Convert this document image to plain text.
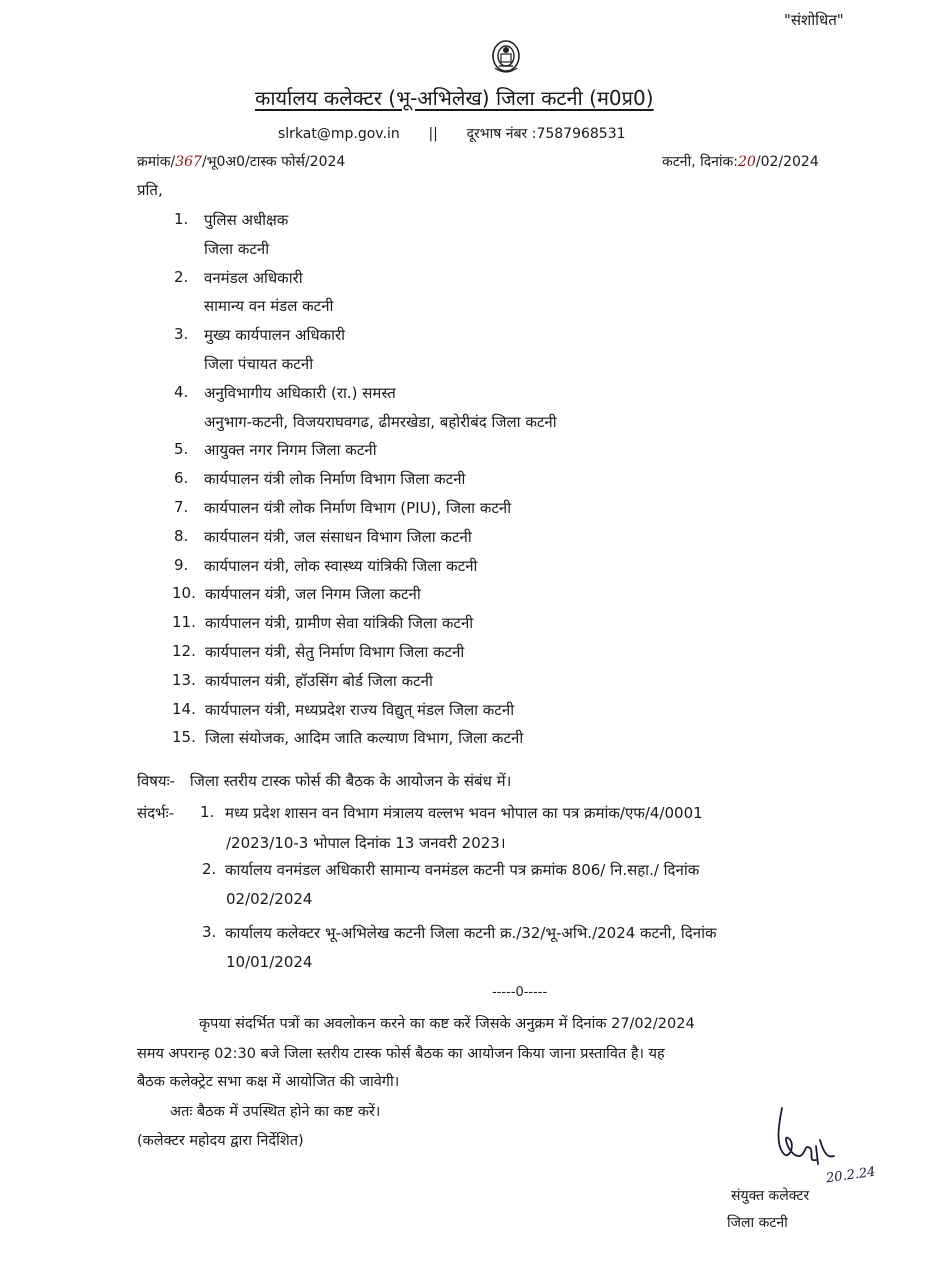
"संशोधित"
कार्यालय कलेक्टर (भू-अभिलेख) जिला कटनी (म0प्र0)
slrkat@mp.gov.in || दूरभाष नंबर :7587968531
क्रमांक/367/भू0अ0/टास्क फोर्स/2024	कटनी, दिनांक:20/02/2024
प्रति,
1. पुलिस अधीक्षक
जिला कटनी
2. वनमंडल अधिकारी
सामान्य वन मंडल कटनी
3. मुख्य कार्यपालन अधिकारी
जिला पंचायत कटनी
4. अनुविभागीय अधिकारी (रा.) समस्त
अनुभाग-कटनी, विजयराघवगढ, ढीमरखेडा, बहोरीबंद जिला कटनी
5. आयुक्त नगर निगम जिला कटनी
6. कार्यपालन यंत्री लोक निर्माण विभाग जिला कटनी
7. कार्यपालन यंत्री लोक निर्माण विभाग (PIU), जिला कटनी
8. कार्यपालन यंत्री, जल संसाधन विभाग जिला कटनी
9. कार्यपालन यंत्री, लोक स्वास्थ्य यांत्रिकी जिला कटनी
10. कार्यपालन यंत्री, जल निगम जिला कटनी
11. कार्यपालन यंत्री, ग्रामीण सेवा यांत्रिकी जिला कटनी
12. कार्यपालन यंत्री, सेतु निर्माण विभाग जिला कटनी
13. कार्यपालन यंत्री, हॉउसिंग बोर्ड जिला कटनी
14. कार्यपालन यंत्री, मध्यप्रदेश राज्य विद्युत् मंडल जिला कटनी
15. जिला संयोजक, आदिम जाति कल्याण विभाग, जिला कटनी
विषयः- जिला स्तरीय टास्क फोर्स की बैठक के आयोजन के संबंध में।
संदर्भः- 1. मध्य प्रदेश शासन वन विभाग मंत्रालय वल्लभ भवन भोपाल का पत्र क्रमांक/एफ/4/0001
/2023/10-3 भोपाल दिनांक 13 जनवरी 2023।
2. कार्यालय वनमंडल अधिकारी सामान्य वनमंडल कटनी पत्र क्रमांक 806/ नि.सहा./ दिनांक
02/02/2024
3. कार्यालय कलेक्टर भू-अभिलेख कटनी जिला कटनी क्र./32/भू-अभि./2024 कटनी, दिनांक
10/01/2024
-----0-----
कृपया संदर्भित पत्रों का अवलोकन करने का कष्ट करें जिसके अनुक्रम में दिनांक 27/02/2024
समय अपरान्ह 02:30 बजे जिला स्तरीय टास्क फोर्स बैठक का आयोजन किया जाना प्रस्तावित है। यह
बैठक कलेक्ट्रेट सभा कक्ष में आयोजित की जावेगी।
अतः बैठक में उपस्थित होने का कष्ट करें।
(कलेक्टर महोदय द्वारा निर्देशित)
20.2.24
संयुक्त कलेक्टर
जिला कटनी
